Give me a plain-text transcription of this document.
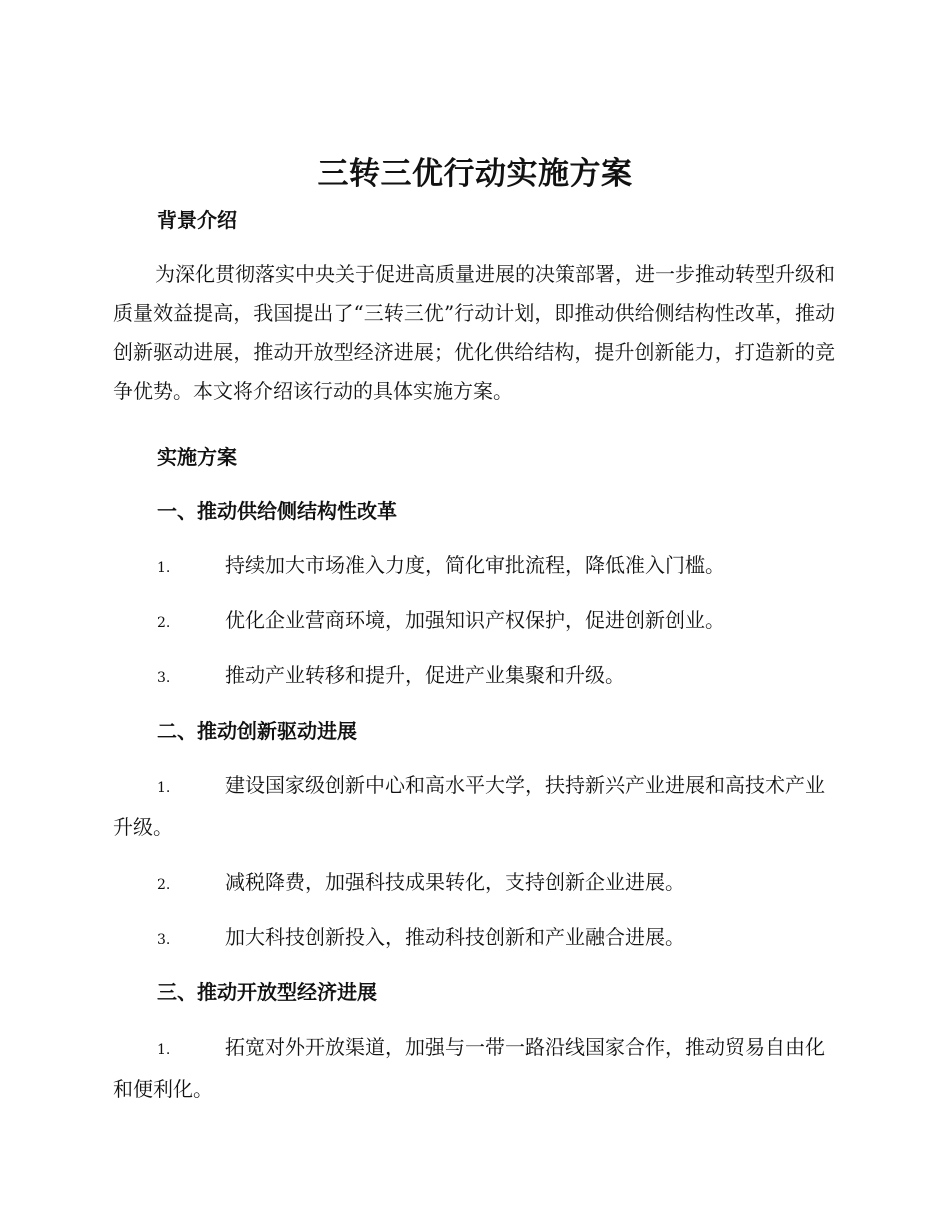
三转三优行动实施方案
背景介绍

为深化贯彻落实中央关于促进高质量进展的决策部署，进一步推动转型升级和质量效益提高，我国提出了“三转三优”行动计划，即推动供给侧结构性改革，推动创新驱动进展，推动开放型经济进展；优化供给结构，提升创新能力，打造新的竞争优势。本文将介绍该行动的具体实施方案。

实施方案
一、推动供给侧结构性改革

1.	持续加大市场准入力度，简化审批流程，降低准入门槛。

2.	优化企业营商环境，加强知识产权保护，促进创新创业。

3.	推动产业转移和提升，促进产业集聚和升级。

二、推动创新驱动进展

1.	建设国家级创新中心和高水平大学，扶持新兴产业进展和高技术产业升级。

2.	减税降费，加强科技成果转化，支持创新企业进展。

3.	加大科技创新投入，推动科技创新和产业融合进展。

三、推动开放型经济进展

1.	拓宽对外开放渠道，加强与一带一路沿线国家合作，推动贸易自由化和便利化。
